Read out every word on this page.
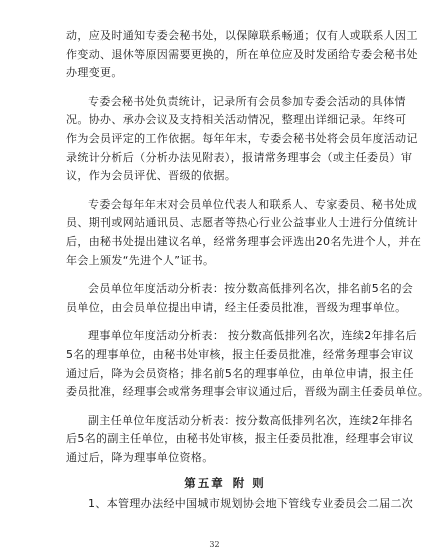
动，应及时通知专委会秘书处，以保障联系畅通；仅有人或联系人因工
作变动、退休等原因需要更换的，所在单位应及时发函给专委会秘书处
办理变更。
专委会秘书处负责统计，记录所有会员参加专委会活动的具体情
况。协办、承办会议及支持相关活动情况，整理出详细记录。年终可
作为会员评定的工作依据。每年年末，专委会秘书处将会员年度活动记
录统计分析后（分析办法见附表），报请常务理事会（或主任委员）审
议，作为会员评优、晋级的依据。
专委会每年年末对会员单位代表人和联系人、专家委员、秘书处成
员、期刊或网站通讯员、志愿者等热心行业公益事业人士进行分值统计
后，由秘书处提出建议名单，经常务理事会评选出20名先进个人，并在
年会上颁发“先进个人”证书。
会员单位年度活动分析表：按分数高低排列名次，排名前5名的会
员单位，由会员单位提出申请，经主任委员批准，晋级为理事单位。
理事单位年度活动分析表： 按分数高低排列名次，连续2年排名后
5名的理事单位，由秘书处审核，报主任委员批准，经常务理事会审议
通过后，降为会员资格；排名前5名的理事单位，由单位申请，报主任
委员批准，经理事会或常务理事会审议通过后，晋级为副主任委员单位。
副主任单位年度活动分析表：按分数高低排列名次，连续2年排名
后5名的副主任单位，由秘书处审核，报主任委员批准，经理事会审议
通过后，降为理事单位资格。
第五章 附 则
1、本管理办法经中国城市规划协会地下管线专业委员会二届二次
32
